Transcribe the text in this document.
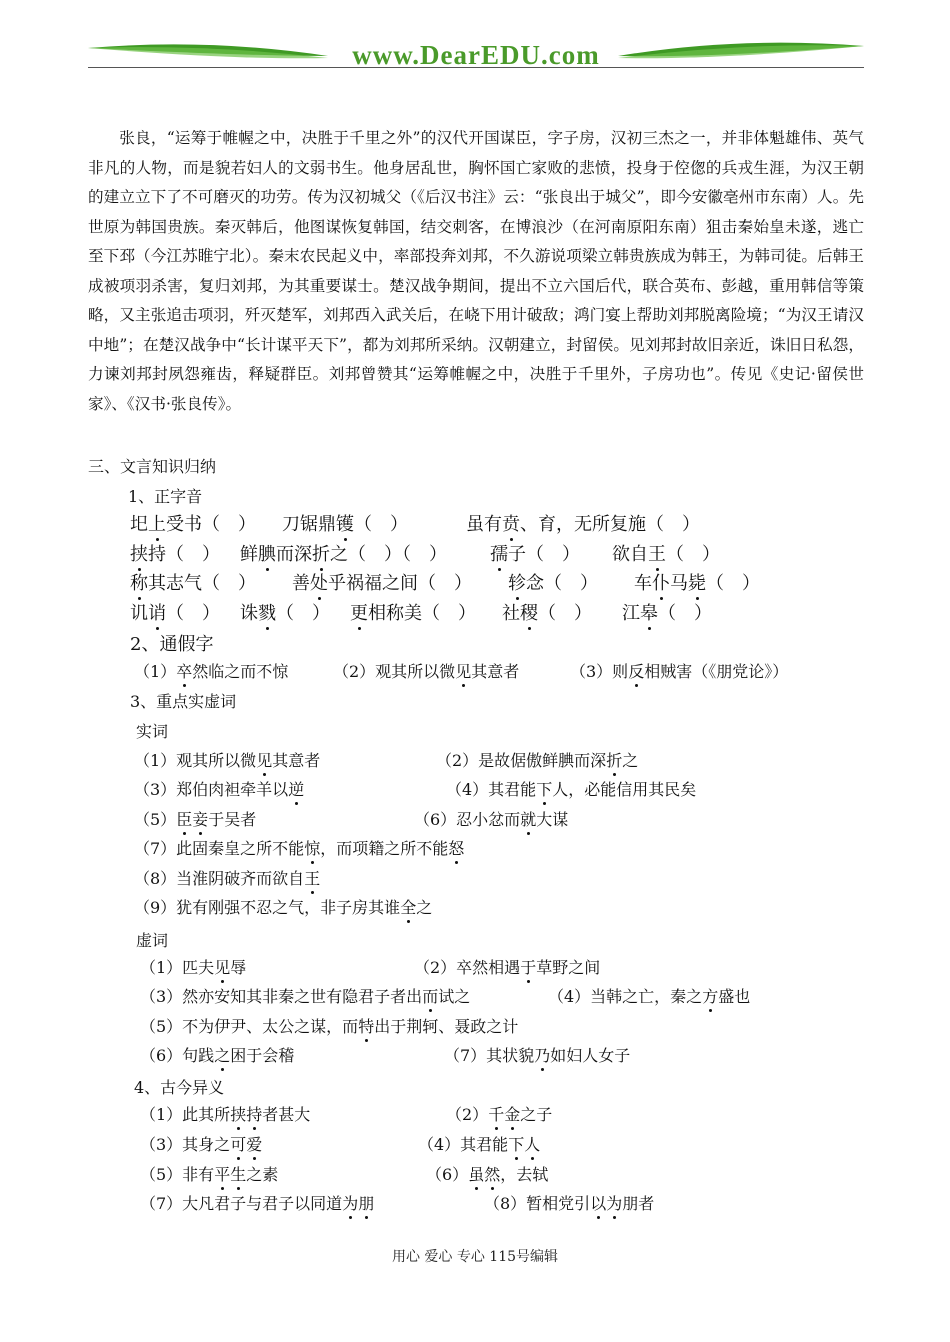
www.DearEDU.com
张良，“运筹于帷幄之中，决胜于千里之外”的汉代开国谋臣，字子房，汉初三杰之一，并非体魁雄伟、英气非凡的人物，而是貌若妇人的文弱书生。他身居乱世，胸怀国亡家败的悲愤，投身于倥偬的兵戎生涯，为汉王朝的建立立下了不可磨灭的功劳。传为汉初城父（《后汉书注》云：“张良出于城父”，即今安徽亳州市东南）人。先世原为韩国贵族。秦灭韩后，他图谋恢复韩国，结交刺客，在博浪沙（在河南原阳东南）狙击秦始皇未遂，逃亡至下邳（今江苏睢宁北）。秦末农民起义中，率部投奔刘邦，不久游说项梁立韩贵族成为韩王，为韩司徒。后韩王成被项羽杀害，复归刘邦，为其重要谋士。楚汉战争期间，提出不立六国后代，联合英布、彭越，重用韩信等策略，又主张追击项羽，歼灭楚军，刘邦西入武关后，在峣下用计破敌；鸿门宴上帮助刘邦脱离险境；“为汉王请汉中地”；在楚汉战争中“长计谋平天下”，都为刘邦所采纳。汉朝建立，封留侯。见刘邦封故旧亲近，诛旧日私怨，力谏刘邦封夙怨雍齿，释疑群臣。刘邦曾赞其“运筹帷幄之中，决胜于千里外，子房功也”。传见《史记·留侯世家》、《汉书·张良传》。
三、文言知识归纳
1、正字音
圯上受书（　） 刀锯鼎镬（　）	虽有贲、育，无所复施（　）
挟持（　） 鲜腆而深折之（　）（　） 孺子（　） 欲自王（　）
称其志气（　） 善处乎祸福之间（　） 轸念（　） 车仆马毙（　）
讥诮（　） 诛戮（　） 更相称美（　） 社稷（　） 江皋（　）
2、通假字
（1）卒然临之而不惊	（2）观其所以微见其意者	（3）则反相贼害（《朋党论》）
3、重点实虚词
实词
（1）观其所以微见其意者	（2）是故倨傲鲜腆而深折之
（3）郑伯肉袒牵羊以逆	（4）其君能下人，必能信用其民矣
（5）臣妾于吴者	（6）忍小忿而就大谋
（7）此固秦皇之所不能惊，而项籍之所不能怒
（8）当淮阴破齐而欲自王
（9）犹有刚强不忍之气，非子房其谁全之
虚词
（1）匹夫见辱	（2）卒然相遇于草野之间
（3）然亦安知其非秦之世有隐君子者出而试之	（4）当韩之亡，秦之方盛也
（5）不为伊尹、太公之谋，而特出于荆轲、聂政之计
（6）句践之困于会稽	（7）其状貌乃如妇人女子
4、古今异义
（1）此其所挟持者甚大	（2）千金之子
（3）其身之可爱	（4）其君能下人
（5）非有平生之素	（6）虽然，去轼
（7）大凡君子与君子以同道为朋	（8）暂相党引以为朋者
用心 爱心 专心 115号编辑
